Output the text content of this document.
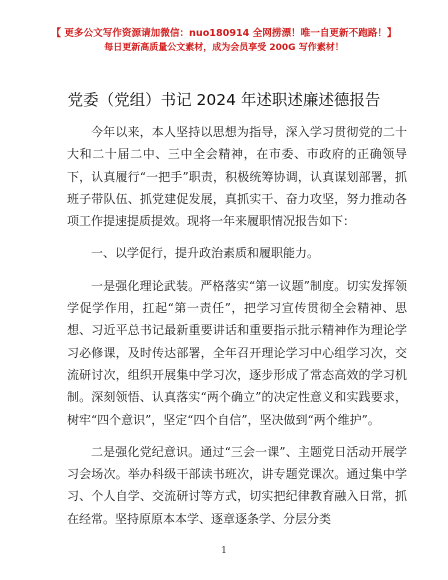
【 更多公文写作资源请加微信：nuo180914 全网捞漂！唯一自更新不跑路！】
每日更新高质量公文素材，成为会员享受 200G 写作素材！
党委（党组）书记 2024 年述职述廉述德报告

今年以来，本人坚持以思想为指导，深入学习贯彻党的二十大和二十届二中、三中全会精神，在市委、市政府的正确领导下，认真履行“一把手”职责，积极统筹协调，认真谋划部署，抓班子带队伍、抓党建促发展，真抓实干、奋力攻坚，努力推动各项工作提速提质提效。现将一年来履职情况报告如下：

一、以学促行，提升政治素质和履职能力。

一是强化理论武装。严格落实“第一议题”制度。切实发挥领学促学作用，扛起“第一责任”，把学习宣传贯彻全会精神、思想、习近平总书记最新重要讲话和重要指示批示精神作为理论学习必修课，及时传达部署，全年召开理论学习中心组学习次，交流研讨次，组织开展集中学习次，逐步形成了常态高效的学习机制。深刻领悟、认真落实“两个确立”的决定性意义和实践要求，树牢“四个意识”，坚定“四个自信”，坚决做到“两个维护”。

二是强化党纪意识。通过“三会一课”、主题党日活动开展学习会场次。举办科级干部读书班次，讲专题党课次。通过集中学习、个人自学、交流研讨等方式，切实把纪律教育融入日常，抓在经常。坚持原原本本学、逐章逐条学、分层分类

1
